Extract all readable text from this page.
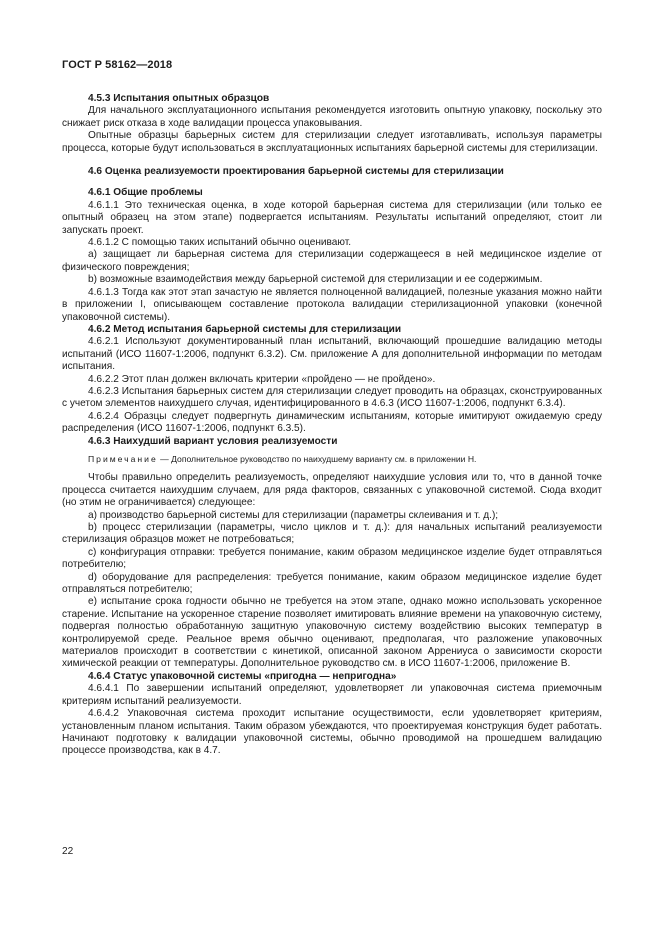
ГОСТ Р 58162—2018

4.5.3 Испытания опытных образцов

Для начального эксплуатационного испытания рекомендуется изготовить опытную упаковку, поскольку это снижает риск отказа в ходе валидации процесса упаковывания.

Опытные образцы барьерных систем для стерилизации следует изготавливать, используя параметры процесса, которые будут использоваться в эксплуатационных испытаниях барьерной системы для стерилизации.

4.6 Оценка реализуемости проектирования барьерной системы для стерилизации

4.6.1 Общие проблемы

4.6.1.1 Это техническая оценка, в ходе которой барьерная система для стерилизации (или только ее опытный образец на этом этапе) подвергается испытаниям. Результаты испытаний определяют, стоит ли запускать проект.

4.6.1.2 С помощью таких испытаний обычно оценивают.

a) защищает ли барьерная система для стерилизации содержащееся в ней медицинское изделие от физического повреждения;

b) возможные взаимодействия между барьерной системой для стерилизации и ее содержимым.

4.6.1.3 Тогда как этот этап зачастую не является полноценной валидацией, полезные указания можно найти в приложении I, описывающем составление протокола валидации стерилизационной упаковки (конечной упаковочной системы).

4.6.2 Метод испытания барьерной системы для стерилизации

4.6.2.1 Используют документированный план испытаний, включающий прошедшие валидацию методы испытаний (ИСО 11607-1:2006, подпункт 6.3.2). См. приложение А для дополнительной информации по методам испытания.

4.6.2.2 Этот план должен включать критерии «пройдено — не пройдено».

4.6.2.3 Испытания барьерных систем для стерилизации следует проводить на образцах, сконструированных с учетом элементов наихудшего случая, идентифицированного в 4.6.3 (ИСО 11607-1:2006, подпункт 6.3.4).

4.6.2.4 Образцы следует подвергнуть динамическим испытаниям, которые имитируют ожидаемую среду распределения (ИСО 11607-1:2006, подпункт 6.3.5).

4.6.3 Наихудший вариант условия реализуемости

Примечание — Дополнительное руководство по наихудшему варианту см. в приложении Н.

Чтобы правильно определить реализуемость, определяют наихудшие условия или то, что в данной точке процесса считается наихудшим случаем, для ряда факторов, связанных с упаковочной системой. Сюда входит (но этим не ограничивается) следующее:

a) производство барьерной системы для стерилизации (параметры склеивания и т. д.);

b) процесс стерилизации (параметры, число циклов и т. д.): для начальных испытаний реализуемости стерилизация образцов может не потребоваться;

c) конфигурация отправки: требуется понимание, каким образом медицинское изделие будет отправляться потребителю;

d) оборудование для распределения: требуется понимание, каким образом медицинское изделие будет отправляться потребителю;

e) испытание срока годности обычно не требуется на этом этапе, однако можно использовать ускоренное старение. Испытание на ускоренное старение позволяет имитировать влияние времени на упаковочную систему, подвергая полностью обработанную защитную упаковочную систему воздействию высоких температур в контролируемой среде. Реальное время обычно оценивают, предполагая, что разложение упаковочных материалов происходит в соответствии с кинетикой, описанной законом Аррениуса о зависимости скорости химической реакции от температуры. Дополнительное руководство см. в ИСО 11607-1:2006, приложение В.

4.6.4 Статус упаковочной системы «пригодна — непригодна»

4.6.4.1 По завершении испытаний определяют, удовлетворяет ли упаковочная система приемочным критериям испытаний реализуемости.

4.6.4.2 Упаковочная система проходит испытание осуществимости, если удовлетворяет критериям, установленным планом испытания. Таким образом убеждаются, что проектируемая конструкция будет работать. Начинают подготовку к валидации упаковочной системы, обычно проводимой на прошедшем валидацию процессе производства, как в 4.7.

22
